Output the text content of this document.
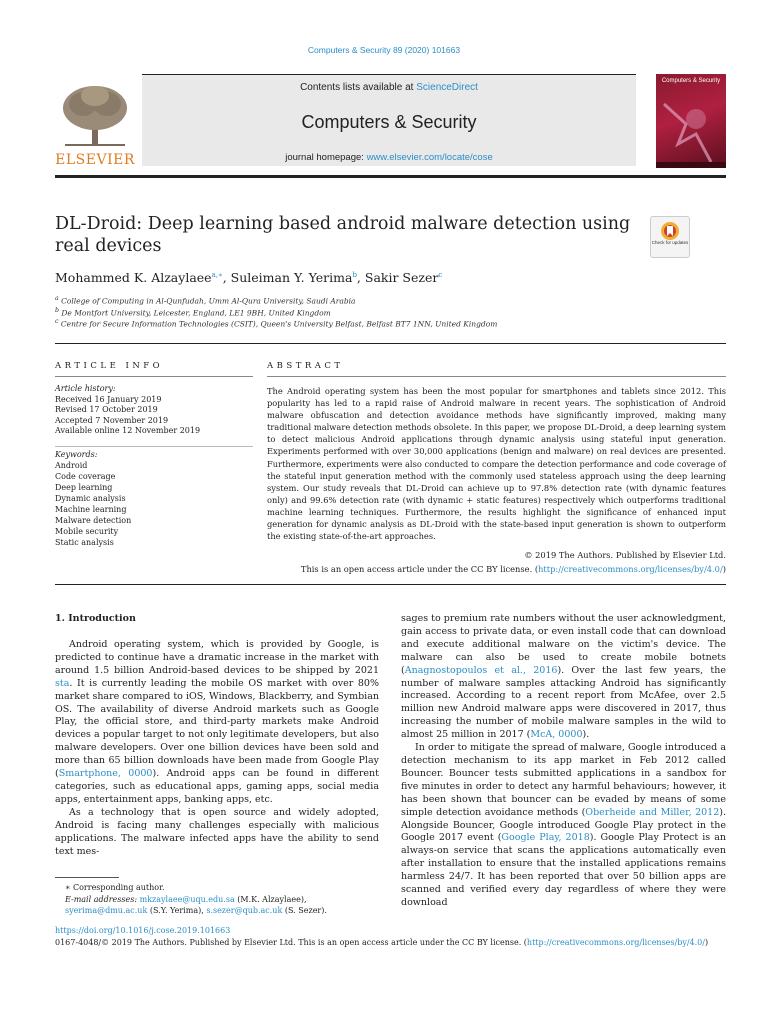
Computers & Security 89 (2020) 101663
Contents lists available at ScienceDirect
Computers & Security
journal homepage: www.elsevier.com/locate/cose
ELSEVIER
Computers & Security
DL-Droid: Deep learning based android malware detection using real devices	Check for updates
Mohammed K. Alzaylaee$^{a,∗}$, Suleiman Y. Yerima$^b$, Sakir Sezer$^c$
$^a$ College of Computing in Al-Qunfudah, Umm Al-Qura University, Saudi Arabia
$^b$ De Montfort University, Leicester, England, LE1 9BH, United Kingdom
$^c$ Centre for Secure Information Technologies (CSIT), Queen's University Belfast, Belfast BT7 1NN, United Kingdom
ARTICLE INFO	ABSTRACT
Article history:
Received 16 January 2019
Revised 17 October 2019
Accepted 7 November 2019
Available online 12 November 2019
Keywords:
Android
Code coverage
Deep learning
Dynamic analysis
Machine learning
Malware detection
Mobile security
Static analysis
The Android operating system has been the most popular for smartphones and tablets since 2012. This popularity has led to a rapid raise of Android malware in recent years. The sophistication of Android malware obfuscation and detection avoidance methods have significantly improved, making many traditional malware detection methods obsolete. In this paper, we propose DL-Droid, a deep learning system to detect malicious Android applications through dynamic analysis using stateful input generation. Experiments performed with over 30,000 applications (benign and malware) on real devices are presented. Furthermore, experiments were also conducted to compare the detection performance and code coverage of the stateful input generation method with the commonly used stateless approach using the deep learning system. Our study reveals that DL-Droid can achieve up to 97.8% detection rate (with dynamic features only) and 99.6% detection rate (with dynamic + static features) respectively which outperforms traditional machine learning techniques. Furthermore, the results highlight the significance of enhanced input generation for dynamic analysis as DL-Droid with the state-based input generation is shown to outperform the existing state-of-the-art approaches.
© 2019 The Authors. Published by Elsevier Ltd.
This is an open access article under the CC BY license. (http://creativecommons.org/licenses/by/4.0/)
1. Introduction

Android operating system, which is provided by Google, is predicted to continue have a dramatic increase in the market with around 1.5 billion Android-based devices to be shipped by 2021 sta. It is currently leading the mobile OS market with over 80% market share compared to iOS, Windows, Blackberry, and Symbian OS. The availability of diverse Android markets such as Google Play, the official store, and third-party markets make Android devices a popular target to not only legitimate developers, but also malware developers. Over one billion devices have been sold and more than 65 billion downloads have been made from Google Play (Smartphone, 0000). Android apps can be found in different categories, such as educational apps, gaming apps, social media apps, entertainment apps, banking apps, etc.

As a technology that is open source and widely adopted, Android is facing many challenges especially with malicious applications. The malware infected apps have the ability to send text mes-

sages to premium rate numbers without the user acknowledgment, gain access to private data, or even install code that can download and execute additional malware on the victim's device. The malware can also be used to create mobile botnets (Anagnostopoulos et al., 2016). Over the last few years, the number of malware samples attacking Android has significantly increased. According to a recent report from McAfee, over 2.5 million new Android malware apps were discovered in 2017, thus increasing the number of mobile malware samples in the wild to almost 25 million in 2017 (McA, 0000).

In order to mitigate the spread of malware, Google introduced a detection mechanism to its app market in Feb 2012 called Bouncer. Bouncer tests submitted applications in a sandbox for five minutes in order to detect any harmful behaviours; however, it has been shown that bouncer can be evaded by means of some simple detection avoidance methods (Oberheide and Miller, 2012). Alongside Bouncer, Google introduced Google Play protect in the Google 2017 event (Google Play, 2018). Google Play Protect is an always-on service that scans the applications automatically even after installation to ensure that the installed applications remains harmless 24/7. It has been reported that over 50 billion apps are scanned and verified every day regardless of where they were download

∗ Corresponding author.
E-mail addresses: mkzaylaee@uqu.edu.sa (M.K. Alzaylaee), syerima@dmu.ac.uk (S.Y. Yerima), s.sezer@qub.ac.uk (S. Sezer).
https://doi.org/10.1016/j.cose.2019.101663
0167-4048/© 2019 The Authors. Published by Elsevier Ltd. This is an open access article under the CC BY license. (http://creativecommons.org/licenses/by/4.0/)
